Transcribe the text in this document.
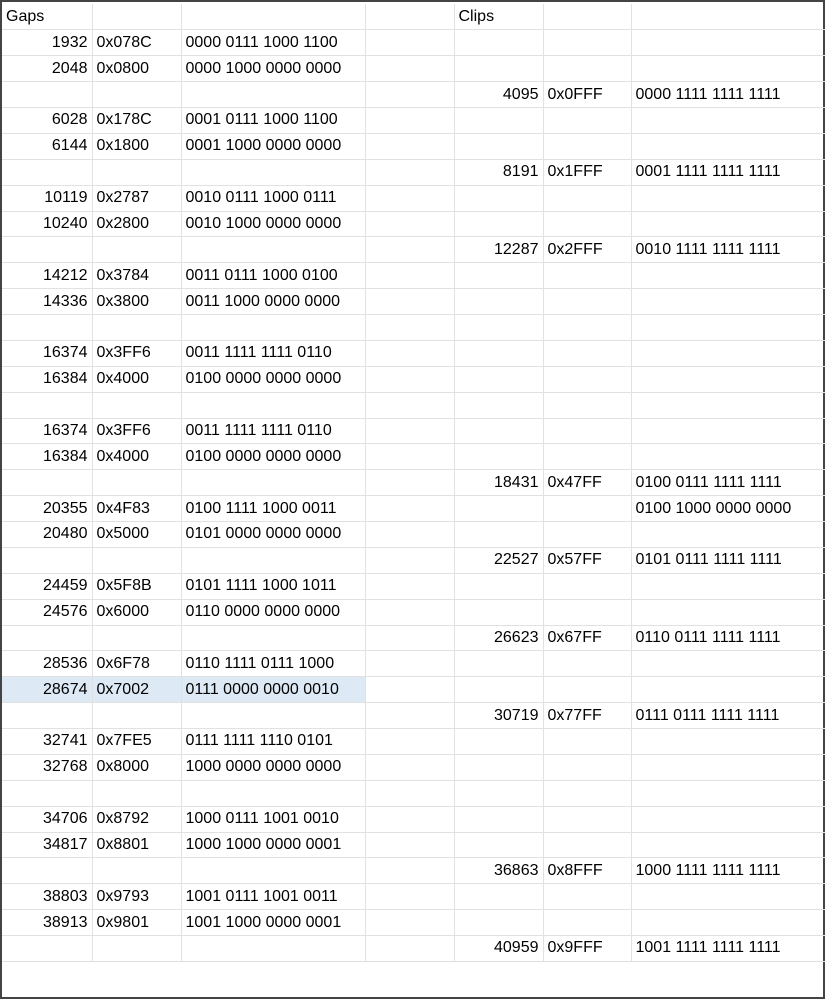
Gaps				Clips		
1932	0x078C	0000 0111 1000 1100				
2048	0x0800	0000 1000 0000 0000				
				4095	0x0FFF	0000 1111 1111 1111
6028	0x178C	0001 0111 1000 1100				
6144	0x1800	0001 1000 0000 0000				
				8191	0x1FFF	0001 1111 1111 1111
10119	0x2787	0010 0111 1000 0111				
10240	0x2800	0010 1000 0000 0000				
				12287	0x2FFF	0010 1111 1111 1111
14212	0x3784	0011 0111 1000 0100				
14336	0x3800	0011 1000 0000 0000				

16374	0x3FF6	0011 1111 1111 0110				
16384	0x4000	0100 0000 0000 0000				

16374	0x3FF6	0011 1111 1111 0110				
16384	0x4000	0100 0000 0000 0000				
				18431	0x47FF	0100 0111 1111 1111
20355	0x4F83	0100 1111 1000 0011				0100 1000 0000 0000
20480	0x5000	0101 0000 0000 0000				
				22527	0x57FF	0101 0111 1111 1111
24459	0x5F8B	0101 1111 1000 1011				
24576	0x6000	0110 0000 0000 0000				
				26623	0x67FF	0110 0111 1111 1111
28536	0x6F78	0110 1111 0111 1000				
28674	0x7002	0111 0000 0000 0010				
				30719	0x77FF	0111 0111 1111 1111
32741	0x7FE5	0111 1111 1110 0101				
32768	0x8000	1000 0000 0000 0000				

34706	0x8792	1000 0111 1001 0010				
34817	0x8801	1000 1000 0000 0001				
				36863	0x8FFF	1000 1111 1111 1111
38803	0x9793	1001 0111 1001 0011				
38913	0x9801	1001 1000 0000 0001				
				40959	0x9FFF	1001 1111 1111 1111
